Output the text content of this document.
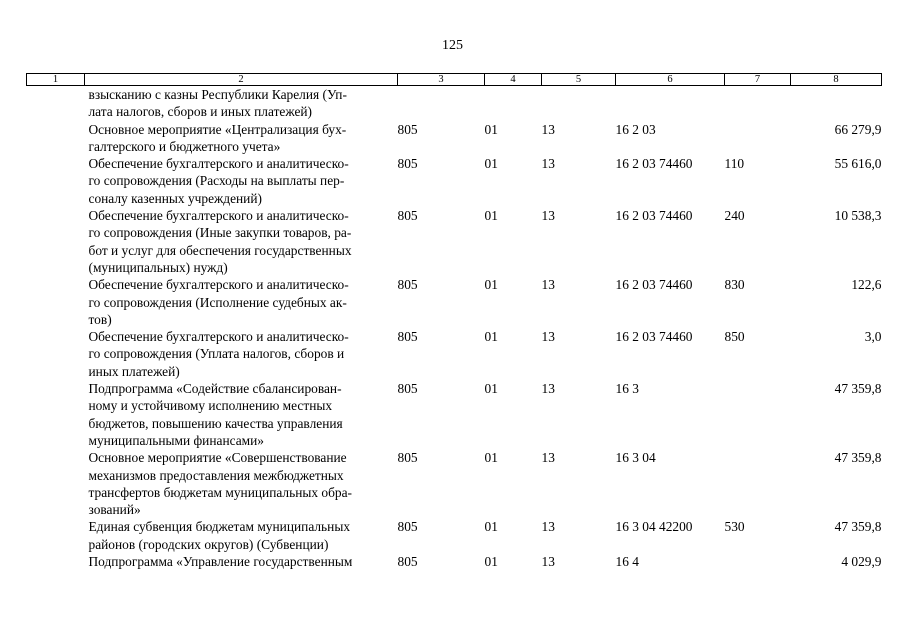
125
1	2	3	4	5	6	7	8

взысканию с казны Республики Карелия (Уп-
лата налогов, сборов и иных платежей)							

Основное мероприятие «Централизация бух-
галтерского и бюджетного учета»		805	01	13	16 2 03		66 279,9

Обеспечение бухгалтерского и аналитическо-
го сопровождения (Расходы на выплаты пер-
соналу казенных учреждений)		805	01	13	16 2 03 74460	110	55 616,0

Обеспечение бухгалтерского и аналитическо-
го сопровождения (Иные закупки товаров, ра-
бот и услуг для обеспечения государственных
(муниципальных) нужд)		805	01	13	16 2 03 74460	240	10 538,3

Обеспечение бухгалтерского и аналитическо-
го сопровождения (Исполнение судебных ак-
тов)		805	01	13	16 2 03 74460	830	122,6

Обеспечение бухгалтерского и аналитическо-
го сопровождения (Уплата налогов, сборов и
иных платежей)		805	01	13	16 2 03 74460	850	3,0

Подпрограмма «Содействие сбалансирован-
ному и устойчивому исполнению местных
бюджетов, повышению качества управления
муниципальными финансами»		805	01	13	16 3		47 359,8

Основное мероприятие «Совершенствование
механизмов предоставления межбюджетных
трансфертов бюджетам муниципальных обра-
зований»		805	01	13	16 3 04		47 359,8

Единая субвенция бюджетам муниципальных
районов (городских округов) (Субвенции)		805	01	13	16 3 04 42200	530	47 359,8

Подпрограмма «Управление государственным		805	01	13	16 4		4 029,9
